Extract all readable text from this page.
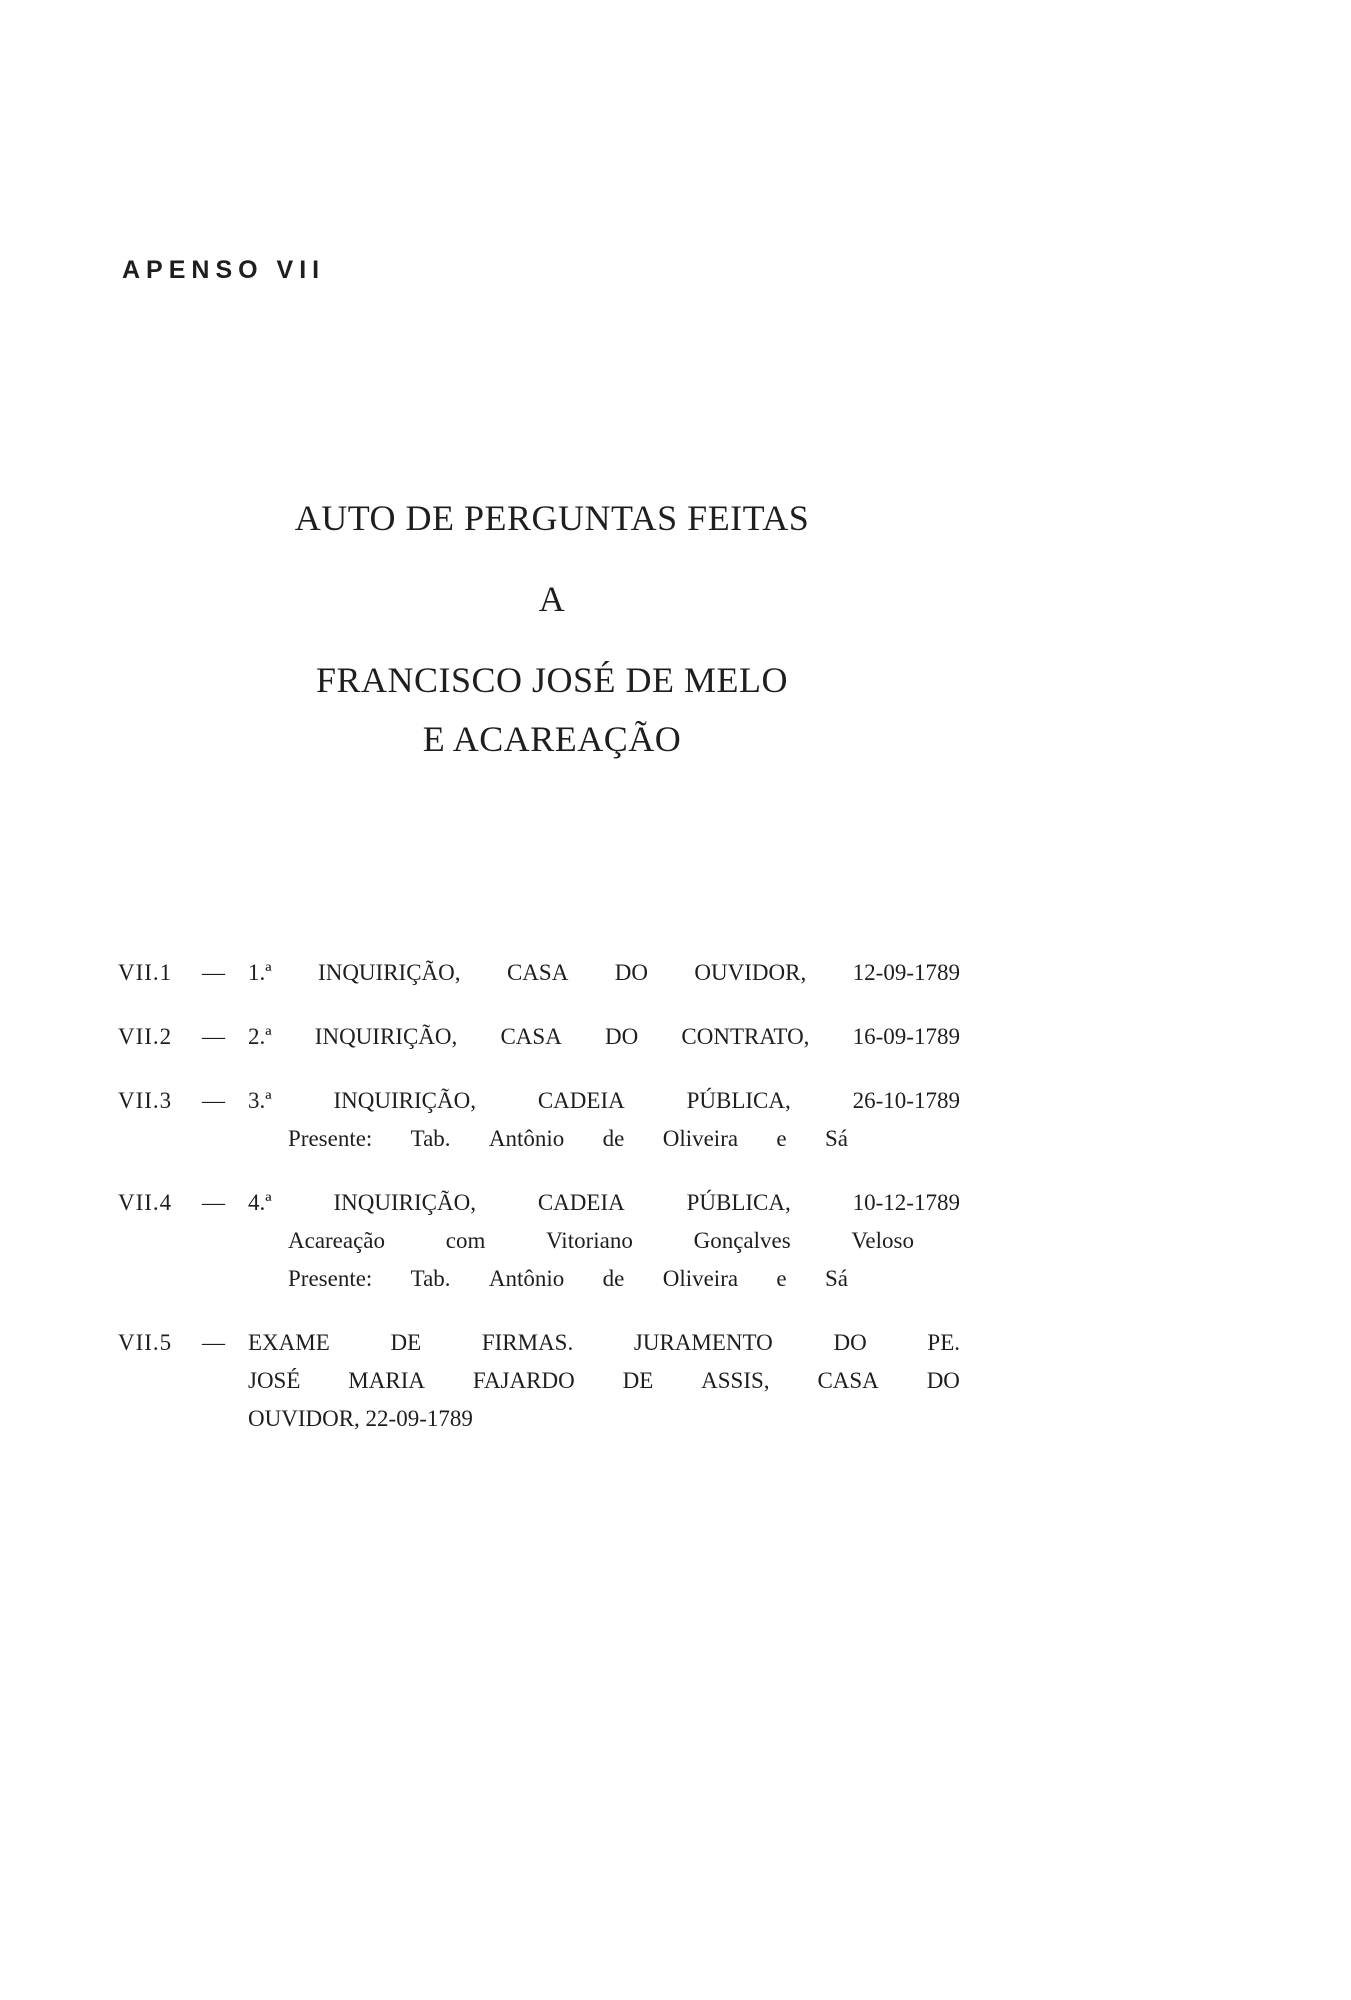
APENSO VII
AUTO DE PERGUNTAS FEITAS
A
FRANCISCO JOSÉ DE MELO
E ACAREAÇÃO
VII.1	—	1.ª INQUIRIÇÃO, CASA DO OUVIDOR, 12-09-1789
VII.2	—	2.ª INQUIRIÇÃO, CASA DO CONTRATO, 16-09-1789
VII.3	—	3.ª	INQUIRIÇÃO,	CADEIA	PÚBLICA,	26-10-1789
Presente: Tab. Antônio de Oliveira e Sá
VII.4	—	4.ª	INQUIRIÇÃO,	CADEIA	PÚBLICA,	10-12-1789
Acareação	com	Vitoriano	Gonçalves	Veloso
Presente: Tab. Antônio de Oliveira e Sá
VII.5	—	EXAME	DE	FIRMAS.	JURAMENTO	DO	PE.
JOSÉ MARIA FAJARDO DE ASSIS, CASA DO
OUVIDOR, 22-09-1789
